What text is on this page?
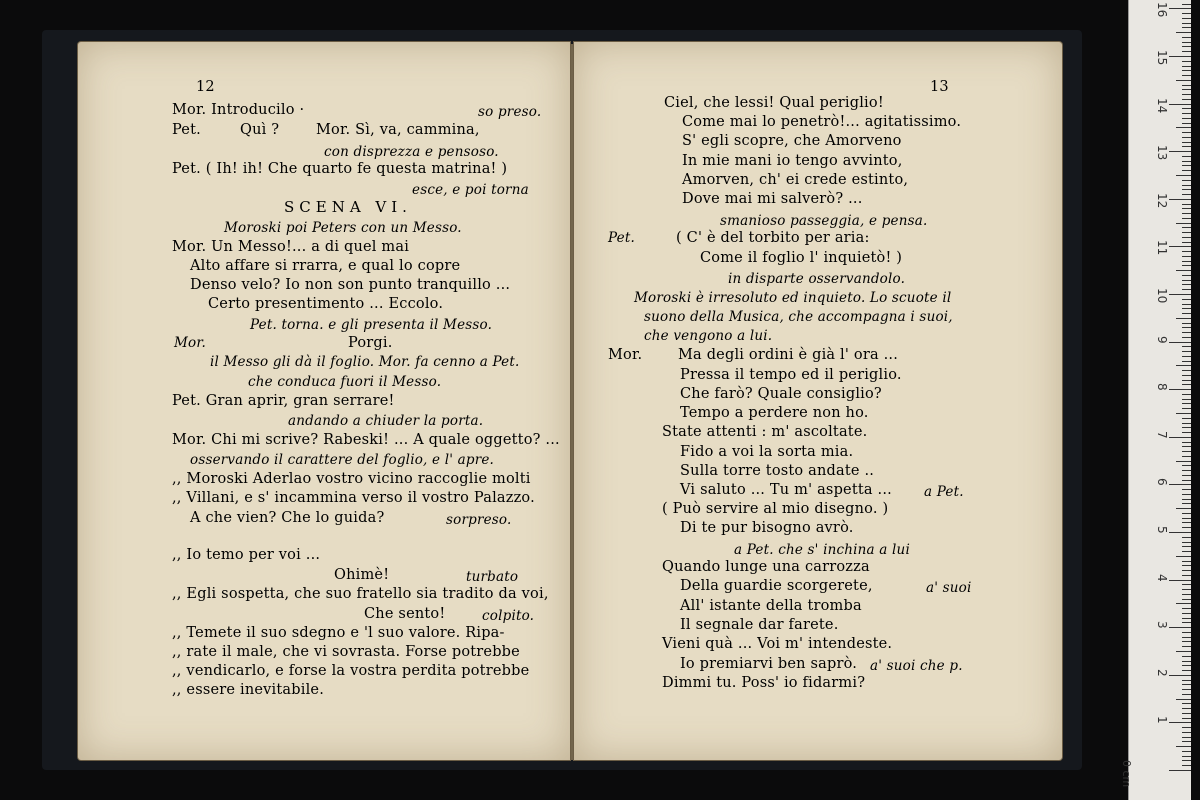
12
Mor. Introducilo ·	so preso.
Pet.	Quì ?	Mor. Sì, va, cammina,
con disprezza e pensoso.
Pet. ( Ih! ih! Che quarto fe questa matrina! )
esce, e poi torna
SCENA VI.
Moroski poi Peters con un Messo.
Mor. Un Messo!... a di quel mai
Alto affare si rrarra, e qual lo copre
Denso velo? Io non son punto tranquillo ...
Certo presentimento ... Eccolo.
Pet. torna. e gli presenta il Messo.
Mor.	Porgi.
il Messo gli dà il foglio. Mor. fa cenno a Pet.
che conduca fuori il Messo.
Pet. Gran aprir, gran serrare!
andando a chiuder la porta.
Mor. Chi mi scrive? Rabeski! ... A quale oggetto? ...
osservando il carattere del foglio, e l' apre.
,, Moroski Aderlao vostro vicino raccoglie molti
,, Villani, e s' incammina verso il vostro Palazzo.
A che vien? Che lo guida?	sorpreso.
,, Io temo per voi ...
Ohimè!	turbato
,, Egli sospetta, che suo fratello sia tradito da voi,
Che sento!	colpito.
,, Temete il suo sdegno e 'l suo valore. Ripa-
,, rate il male, che vi sovrasta. Forse potrebbe
,, vendicarlo, e forse la vostra perdita potrebbe
,, essere inevitabile.
13
Ciel, che lessi! Qual periglio!
Come mai lo penetrò!... agitatissimo.
S' egli scopre, che Amorveno
In mie mani io tengo avvinto,
Amorven, ch' ei crede estinto,
Dove mai mi salverò? ...
smanioso passeggia, e pensa.
Pet.	( C' è del torbito per aria:
Come il foglio l' inquietò! )
in disparte osservandolo.
Moroski è irresoluto ed inquieto. Lo scuote il
suono della Musica, che accompagna i suoi,
che vengono a lui.
Mor. Ma degli ordini è già l' ora ...
Pressa il tempo ed il periglio.
Che farò? Quale consiglio?
Tempo a perdere non ho.
State attenti : m' ascoltate.
Fido a voi la sorta mia.
Sulla torre tosto andate ..
Vi saluto ... Tu m' aspetta ... a Pet.
( Può servire al mio disegno. )
Di te pur bisogno avrò.
a Pet. che s' inchina a lui
Quando lunge una carrozza
Della guardie scorgerete,	a' suoi
All' istante della tromba
Il segnale dar farete.
Vieni quà ... Voi m' intendeste.
Io premiarvi ben saprò. a' suoi che p.
Dimmi tu. Poss' io fidarmi?
0 cm
1
2
3
4
5
6
7
8
9
10
11
12
13
14
15
16
